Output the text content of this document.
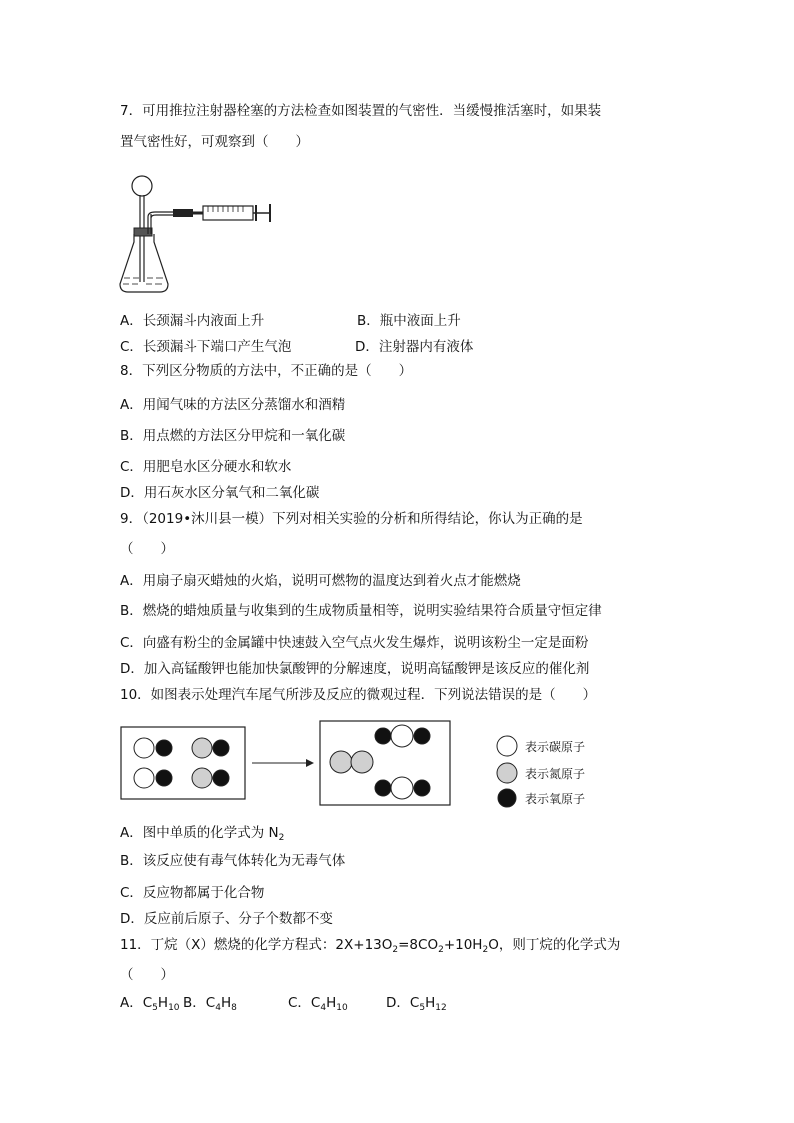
7．可用推拉注射器栓塞的方法检查如图装置的气密性．当缓慢推活塞时，如果装
置气密性好，可观察到（　　）
A．长颈漏斗内液面上升	B．瓶中液面上升
C．长颈漏斗下端口产生气泡	D．注射器内有液体
8．下列区分物质的方法中，不正确的是（　　）
A．用闻气味的方法区分蒸馏水和酒精
B．用点燃的方法区分甲烷和一氧化碳
C．用肥皂水区分硬水和软水
D．用石灰水区分氧气和二氧化碳
9．（2019•沐川县一模）下列对相关实验的分析和所得结论，你认为正确的是
（　　）
A．用扇子扇灭蜡烛的火焰，说明可燃物的温度达到着火点才能燃烧
B．燃烧的蜡烛质量与收集到的生成物质量相等，说明实验结果符合质量守恒定律
C．向盛有粉尘的金属罐中快速鼓入空气点火发生爆炸，说明该粉尘一定是面粉
D．加入高锰酸钾也能加快氯酸钾的分解速度，说明高锰酸钾是该反应的催化剂
10．如图表示处理汽车尾气所涉及反应的微观过程．下列说法错误的是（　　）
表示碳原子
表示氮原子
表示氧原子
A．图中单质的化学式为 $N_2$
B．该反应使有毒气体转化为无毒气体
C．反应物都属于化合物
D．反应前后原子、分子个数都不变
11．丁烷（X）燃烧的化学方程式：$2X+13O_2=8CO_2+10H_2O$，则丁烷的化学式为
（　　）
A．$C_5H_{10}$ B．$C_4H_8$	C．$C_4H_{10}$	D．$C_5H_{12}$
